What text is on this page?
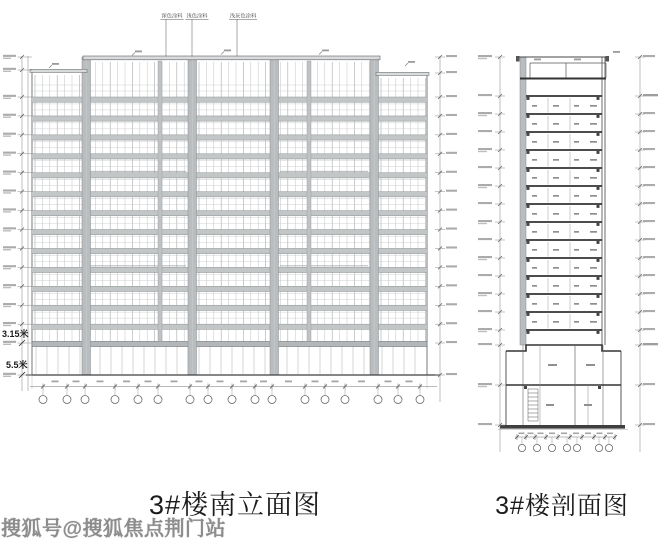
深色涂料 浅色涂料	浅灰色涂料
3.15米
5.5米
3#楼南立面图	3#楼剖面图
搜狐号@搜狐焦点荆门站
